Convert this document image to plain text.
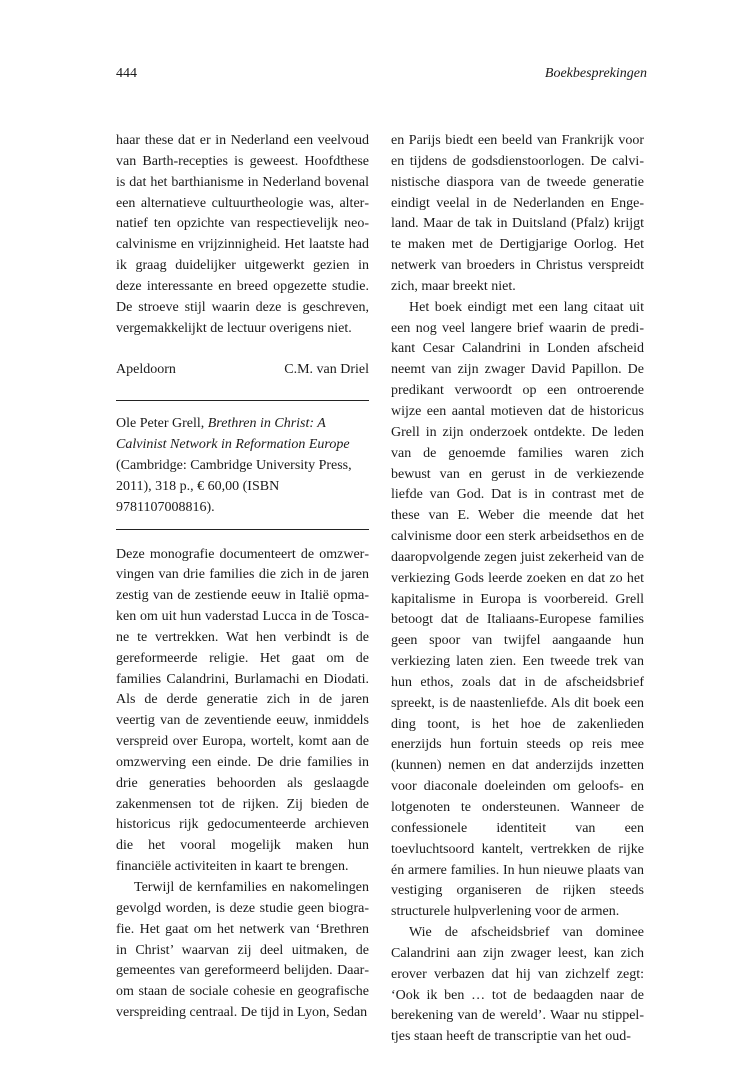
444	Boekbesprekingen

haar these dat er in Nederland een veelvoud van Barth-recepties is geweest. Hoofdthese is dat het barthianisme in Nederland bovenal een alternatieve cultuurtheologie was, alternatief ten opzichte van respectievelijk neocalvinisme en vrijzinnigheid. Het laatste had ik graag duidelijker uitgewerkt gezien in deze interessante en breed opgezette studie. De stroeve stijl waarin deze is geschreven, vergemakkelijkt de lectuur overigens niet.

Apeldoorn	C.M. van Driel

Ole Peter Grell, Brethren in Christ: A Calvinist Network in Reformation Europe (Cambridge: Cambridge University Press, 2011), 318 p., € 60,00 (ISBN 9781107008816).

Deze monografie documenteert de omzwervingen van drie families die zich in de jaren zestig van de zestiende eeuw in Italië opmaken om uit hun vaderstad Lucca in de Toscane te vertrekken. Wat hen verbindt is de gereformeerde religie. Het gaat om de families Calandrini, Burlamachi en Diodati. Als de derde generatie zich in de jaren veertig van de zeventiende eeuw, inmiddels verspreid over Europa, wortelt, komt aan de omzwerving een einde. De drie families in drie generaties behoorden als geslaagde zakenmensen tot de rijken. Zij bieden de historicus rijk gedocumenteerde archieven die het vooral mogelijk maken hun financiële activiteiten in kaart te brengen.

Terwijl de kernfamilies en nakomelingen gevolgd worden, is deze studie geen biografie. Het gaat om het netwerk van ‘Brethren in Christ’ waarvan zij deel uitmaken, de gemeentes van gereformeerd belijden. Daarom staan de sociale cohesie en geografische verspreiding centraal. De tijd in Lyon, Sedan

en Parijs biedt een beeld van Frankrijk voor en tijdens de godsdienstoorlogen. De calvinistische diaspora van de tweede generatie eindigt veelal in de Nederlanden en Engeland. Maar de tak in Duitsland (Pfalz) krijgt te maken met de Dertigjarige Oorlog. Het netwerk van broeders in Christus verspreidt zich, maar breekt niet.

Het boek eindigt met een lang citaat uit een nog veel langere brief waarin de predikant Cesar Calandrini in Londen afscheid neemt van zijn zwager David Papillon. De predikant verwoordt op een ontroerende wijze een aantal motieven dat de historicus Grell in zijn onderzoek ontdekte. De leden van de genoemde families waren zich bewust van en gerust in de verkiezende liefde van God. Dat is in contrast met de these van E. Weber die meende dat het calvinisme door een sterk arbeidsethos en de daaropvolgende zegen juist zekerheid van de verkiezing Gods leerde zoeken en dat zo het kapitalisme in Europa is voorbereid. Grell betoogt dat de Italiaans-Europese families geen spoor van twijfel aangaande hun verkiezing laten zien. Een tweede trek van hun ethos, zoals dat in de afscheidsbrief spreekt, is de naastenliefde. Als dit boek een ding toont, is het hoe de zakenlieden enerzijds hun fortuin steeds op reis mee (kunnen) nemen en dat anderzijds inzetten voor diaconale doeleinden om geloofs- en lotgenoten te ondersteunen. Wanneer de confessionele identiteit van een toevluchtsoord kantelt, vertrekken de rijke én armere families. In hun nieuwe plaats van vestiging organiseren de rijken steeds structurele hulpverlening voor de armen.

Wie de afscheidsbrief van dominee Calandrini aan zijn zwager leest, kan zich erover verbazen dat hij van zichzelf zegt: ‘Ook ik ben … tot de bedaagden naar de berekening van de wereld’. Waar nu stippeltjes staan heeft de transcriptie van het oud-
